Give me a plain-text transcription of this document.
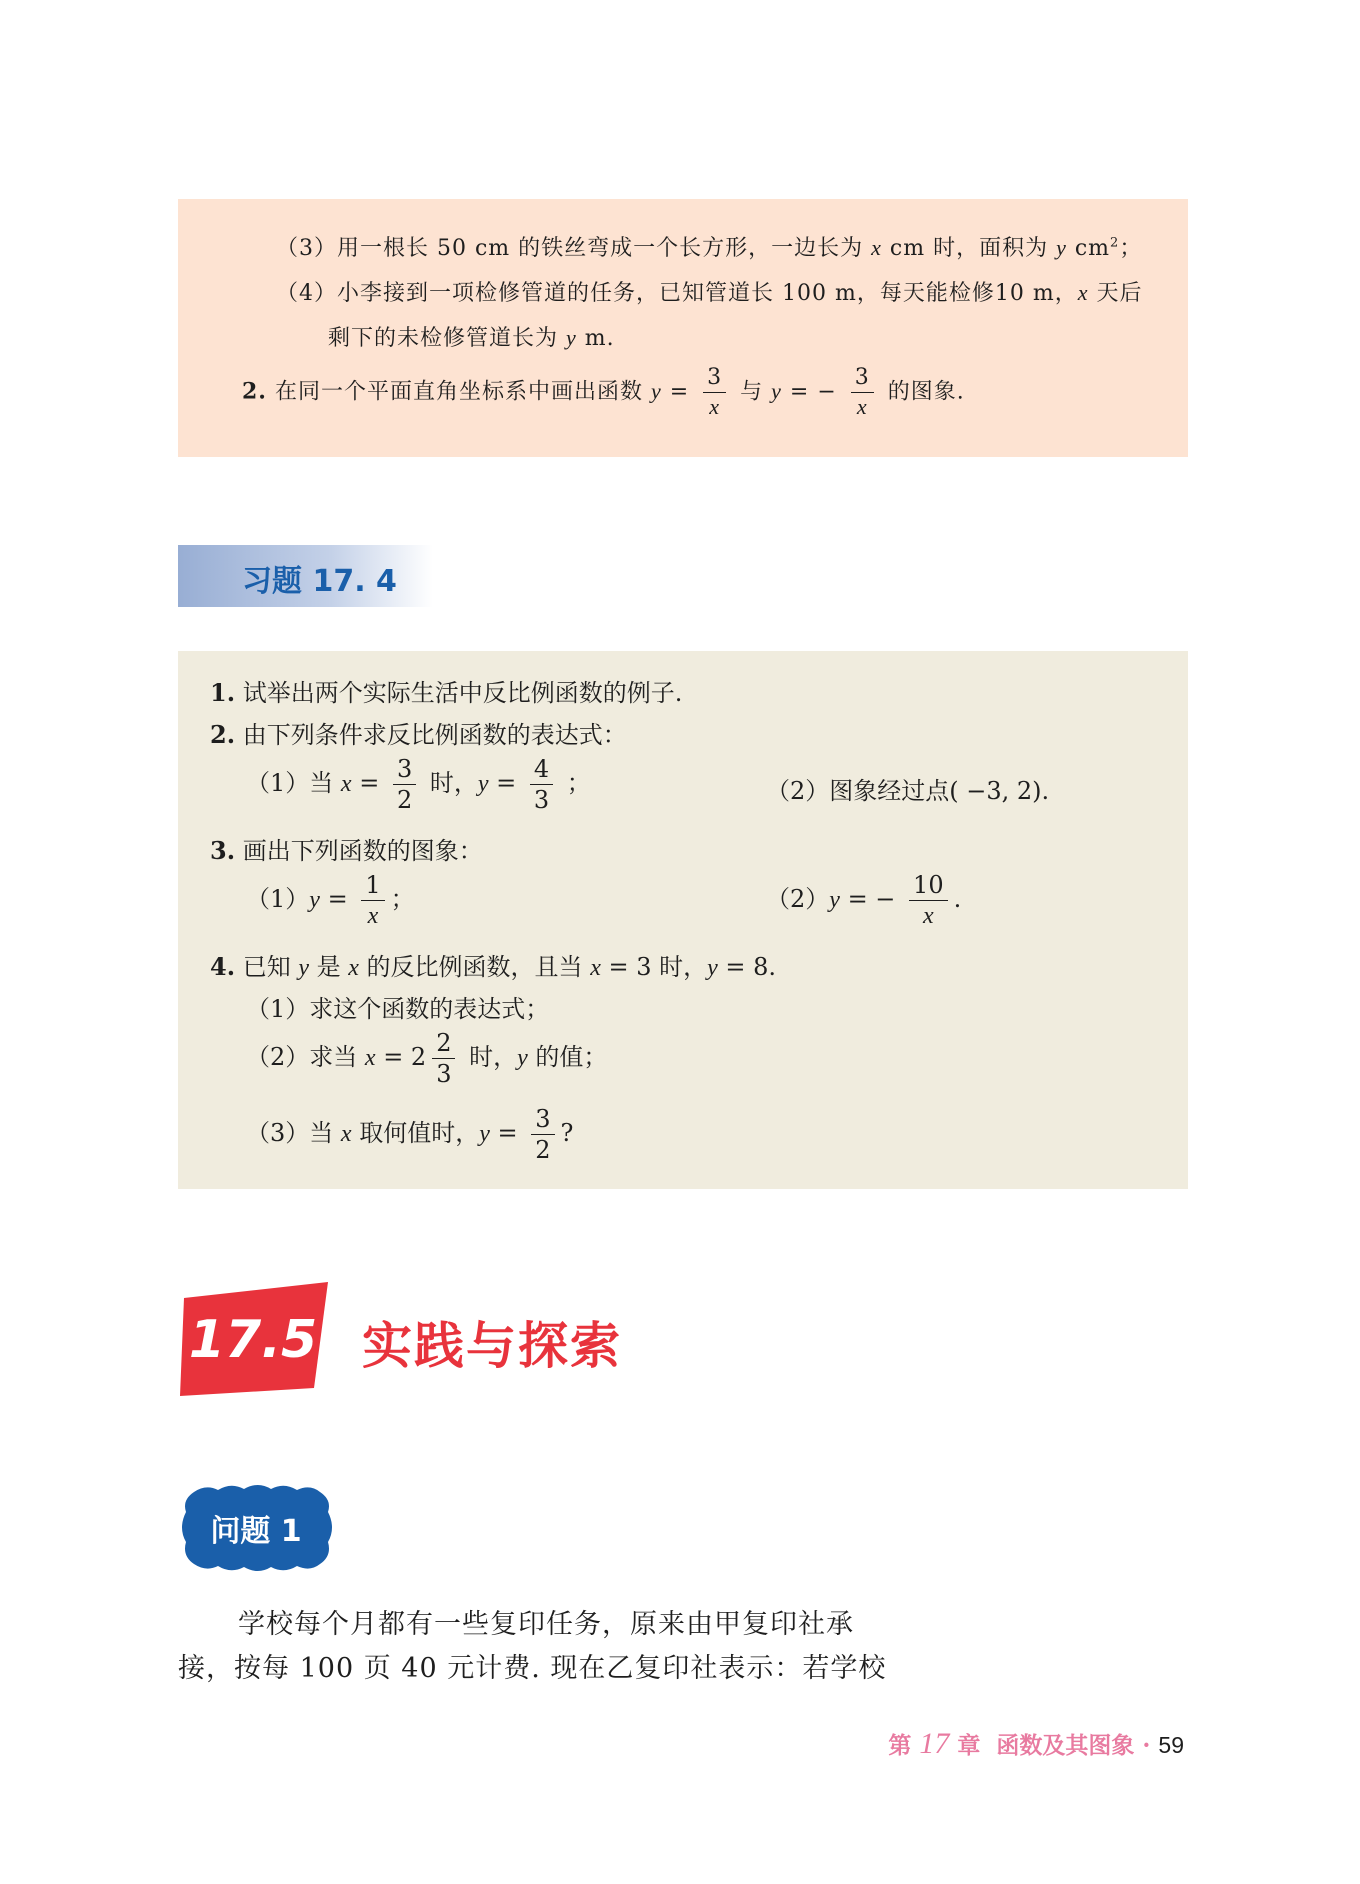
（3）用一根长 50 cm 的铁丝弯成一个长方形，一边长为 x cm 时，面积为 y $cm^2$；
（4）小李接到一项检修管道的任务，已知管道长 100 m，每天能检修10 m，x 天后
剩下的未检修管道长为 y m.
2. 在同一个平面直角坐标系中画出函数 $y = \frac{3}{x}$ 与 y = − $\frac{3}{x}$ 的图象.
习题 17. 4
1. 试举出两个实际生活中反比例函数的例子.
2. 由下列条件求反比例函数的表达式：
（1）当 $x = \frac{3}{2}$ 时，$y = \frac{4}{3}$ ；	（2）图象经过点( −3, 2).
3. 画出下列函数的图象：
$(1)y = \frac{1}{x}$ ；	（2）y = − $\frac{10}{x}$ .
4. 已知 y 是 x 的反比例函数，且当 x = 3 时，y = 8.
（1）求这个函数的表达式；
（2）求当 $x = 2 \frac{2}{3}$ 时，y 的值；
（3）当 x 取何值时，$y = \frac{3}{2}$ ?
17.5 实践与探索
问题 1
学校每个月都有一些复印任务，原来由甲复印社承
接，按每 100 页 40 元计费. 现在乙复印社表示：若学校
第 17 章 函数及其图象 · 59
